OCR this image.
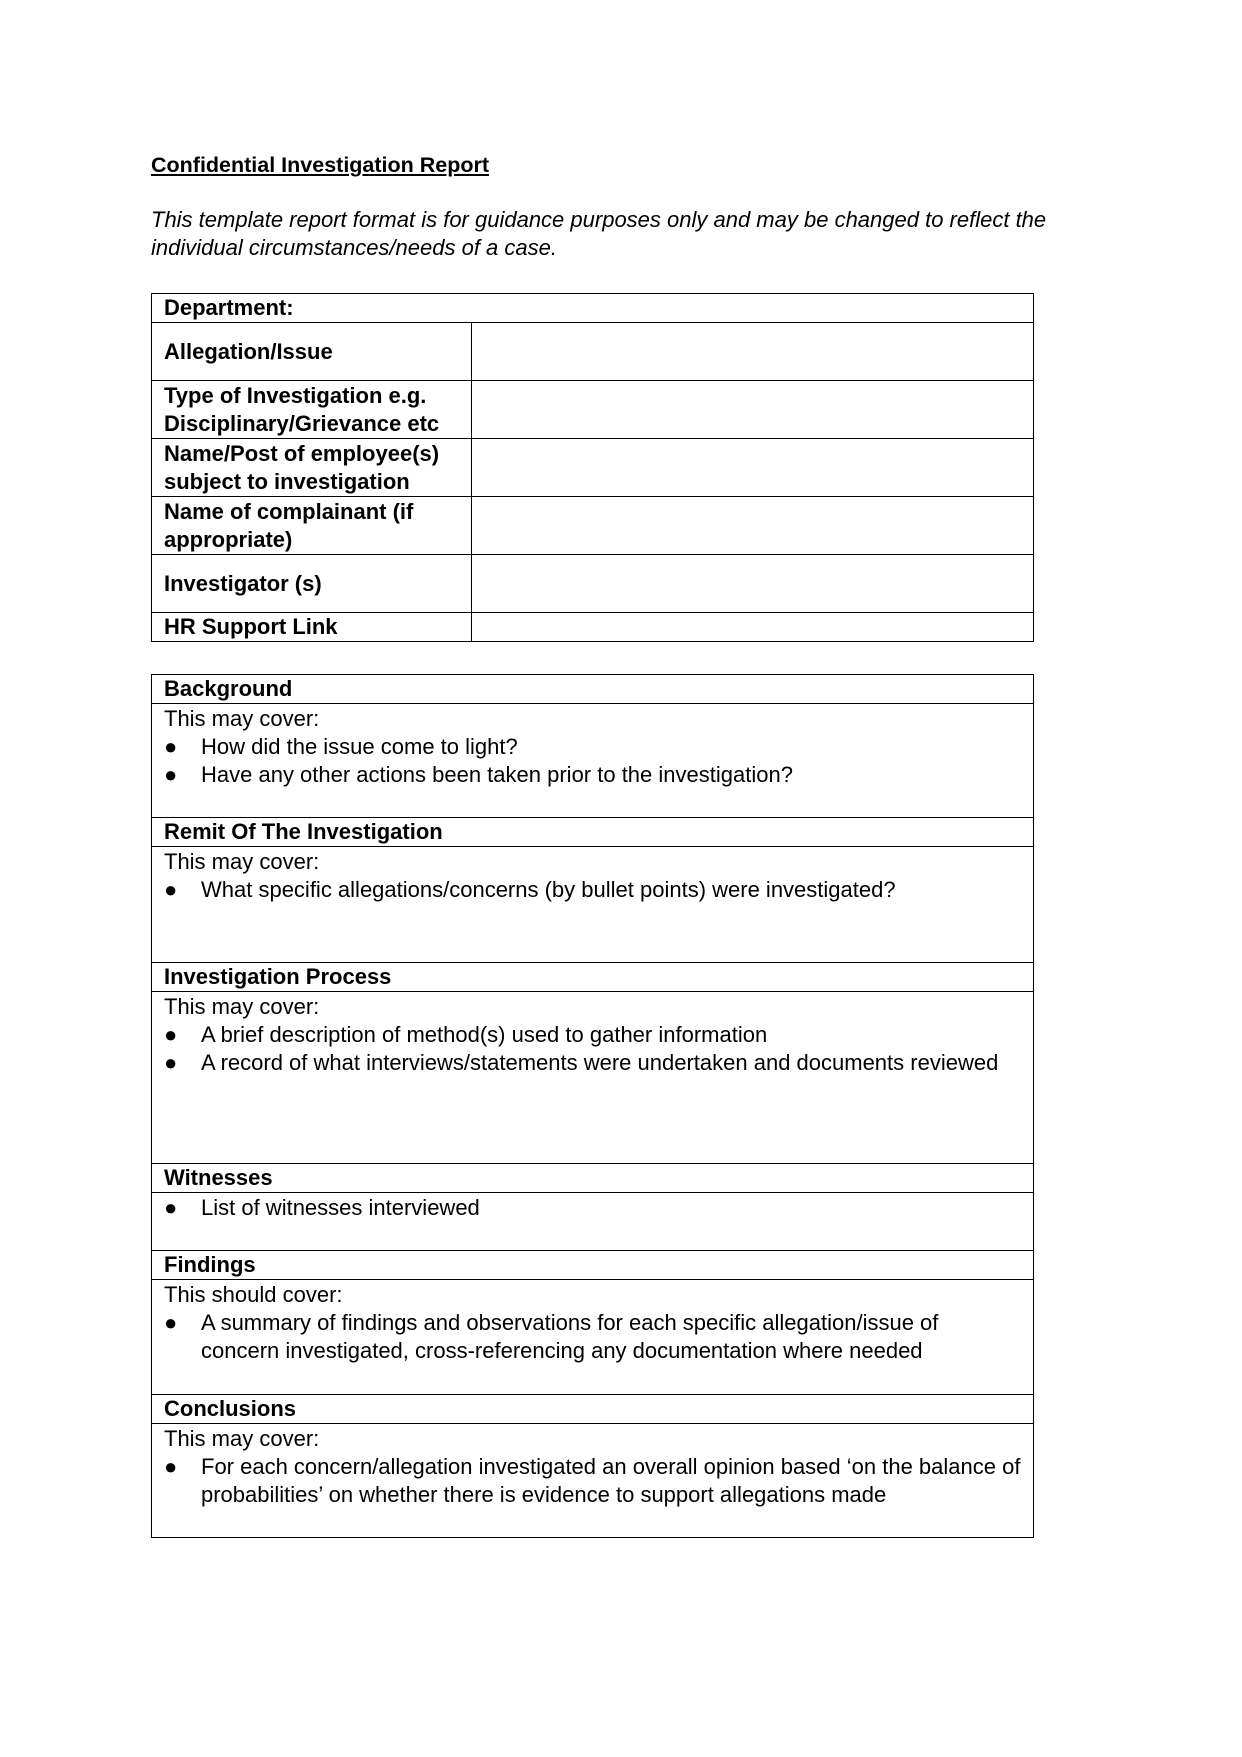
Confidential Investigation Report
This template report format is for guidance purposes only and may be changed to reflect the individual circumstances/needs of a case.
Department:	
Allegation/Issue	
Type of Investigation e.g. Disciplinary/Grievance etc	
Name/Post of employee(s) subject to investigation	
Name of complainant (if appropriate)	
Investigator (s)	
HR Support Link	
Background

This may cover:
●	How did the issue come to light?
●	Have any other actions been taken prior to the investigation?

Remit Of The Investigation

This may cover:
●	What specific allegations/concerns (by bullet points) were investigated?

Investigation Process

This may cover:
●	A brief description of method(s) used to gather information
●	A record of what interviews/statements were undertaken and documents reviewed

Witnesses

●	List of witnesses interviewed

Findings

This should cover:
●	A summary of findings and observations for each specific allegation/issue of concern investigated, cross-referencing any documentation where needed

Conclusions

This may cover:
●	For each concern/allegation investigated an overall opinion based ‘on the balance of probabilities’ on whether there is evidence to support allegations made
